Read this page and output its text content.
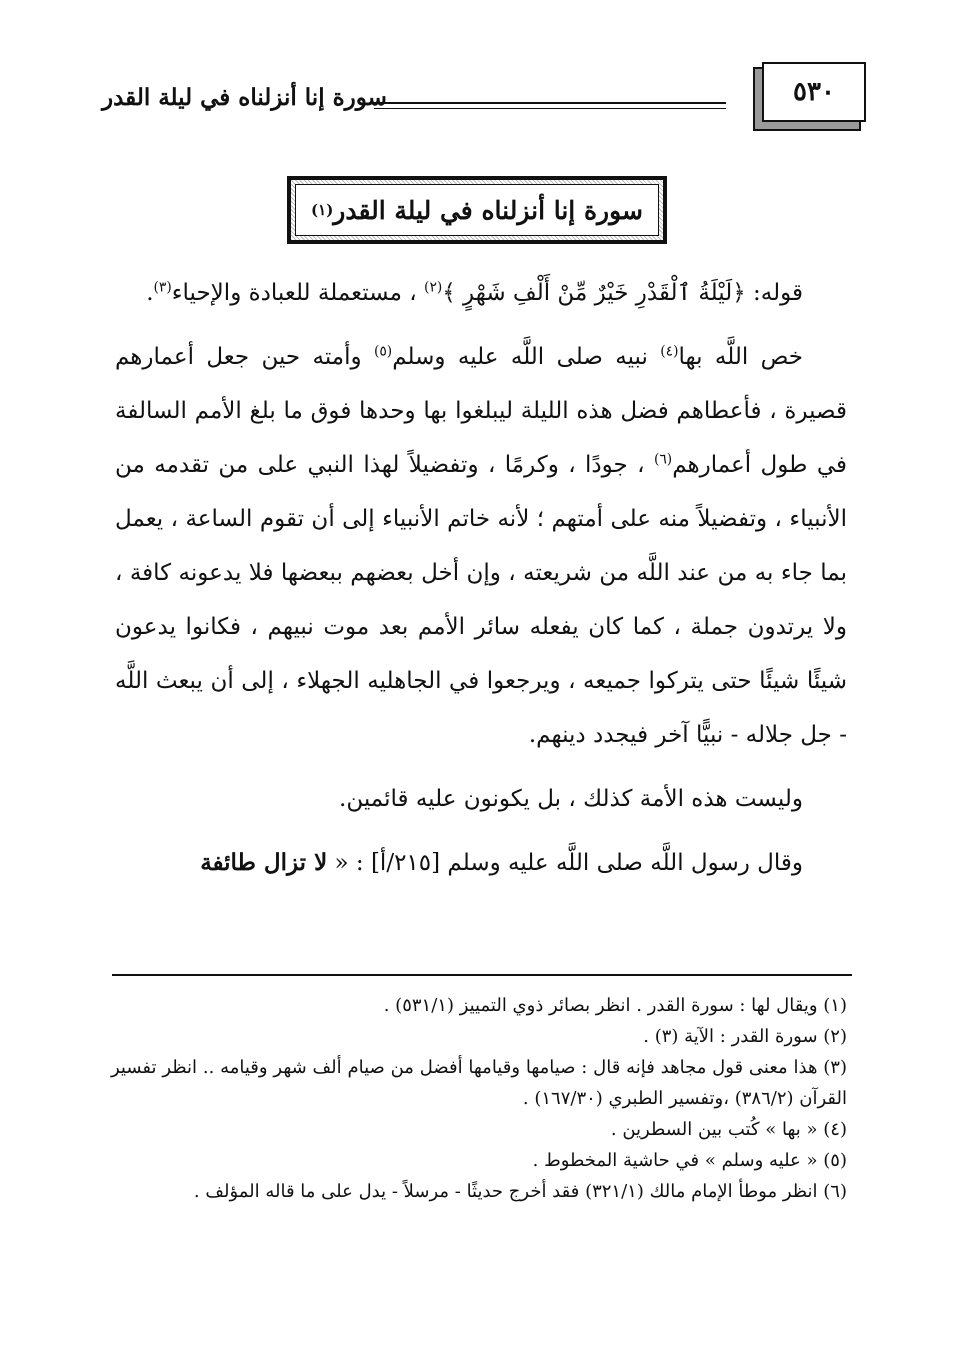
٥٣٠
سورة إنا أنزلناه في ليلة القدر
سورة إنا أنزلناه في ليلة القدر
(١)

قوله: ﴿لَيْلَةُ ٱلْقَدْرِ خَيْرٌ مِّنْ أَلْفِ شَهْرٍ ﴾$^{(٢)}$ ، مستعملة للعبادة والإحياء$^{(٣)}$.

خص اللَّه بها$^{(٤)}$ نبيه صلى اللَّه عليه وسلم$^{(٥)}$ وأمته حين جعل أعمارهم قصيرة ، فأعطاهم فضل هذه الليلة ليبلغوا بها وحدها فوق ما بلغ الأمم السالفة في طول أعمارهم$^{(٦)}$ ، جودًا ، وكرمًا ، وتفضيلاً لهذا النبي على من تقدمه من الأنبياء ، وتفضيلاً منه على أمتهم ؛ لأنه خاتم الأنبياء إلى أن تقوم الساعة ، يعمل بما جاء به من عند اللَّه من شريعته ، وإن أخل بعضهم ببعضها فلا يدعونه كافة ، ولا يرتدون جملة ، كما كان يفعله سائر الأمم بعد موت نبيهم ، فكانوا يدعون شيئًا شيئًا حتى يتركوا جميعه ، ويرجعوا في الجاهليه الجهلاء ، إلى أن يبعث اللَّه - جل جلاله - نبيًّا آخر فيجدد دينهم.

وليست هذه الأمة كذلك ، بل يكونون عليه قائمين.

وقال رسول اللَّه صلى اللَّه عليه وسلم [٢١٥/أ] : « لا تزال طائفة

(١) ويقال لها : سورة القدر . انظر بصائر ذوي التمييز (٥٣١/١) .

(٢) سورة القدر : الآية (٣) .

(٣) هذا معنى قول مجاهد فإنه قال : صيامها وقيامها أفضل من صيام ألف شهر وقيامه .. انظر تفسير القرآن (٣٨٦/٢) ،وتفسير الطبري (١٦٧/٣٠) .

(٤) « بها » كُتب بين السطرين .

(٥) « عليه وسلم » في حاشية المخطوط .

(٦) انظر موطأ الإمام مالك (٣٢١/١) فقد أخرج حديثًا - مرسلاً - يدل على ما قاله المؤلف .
